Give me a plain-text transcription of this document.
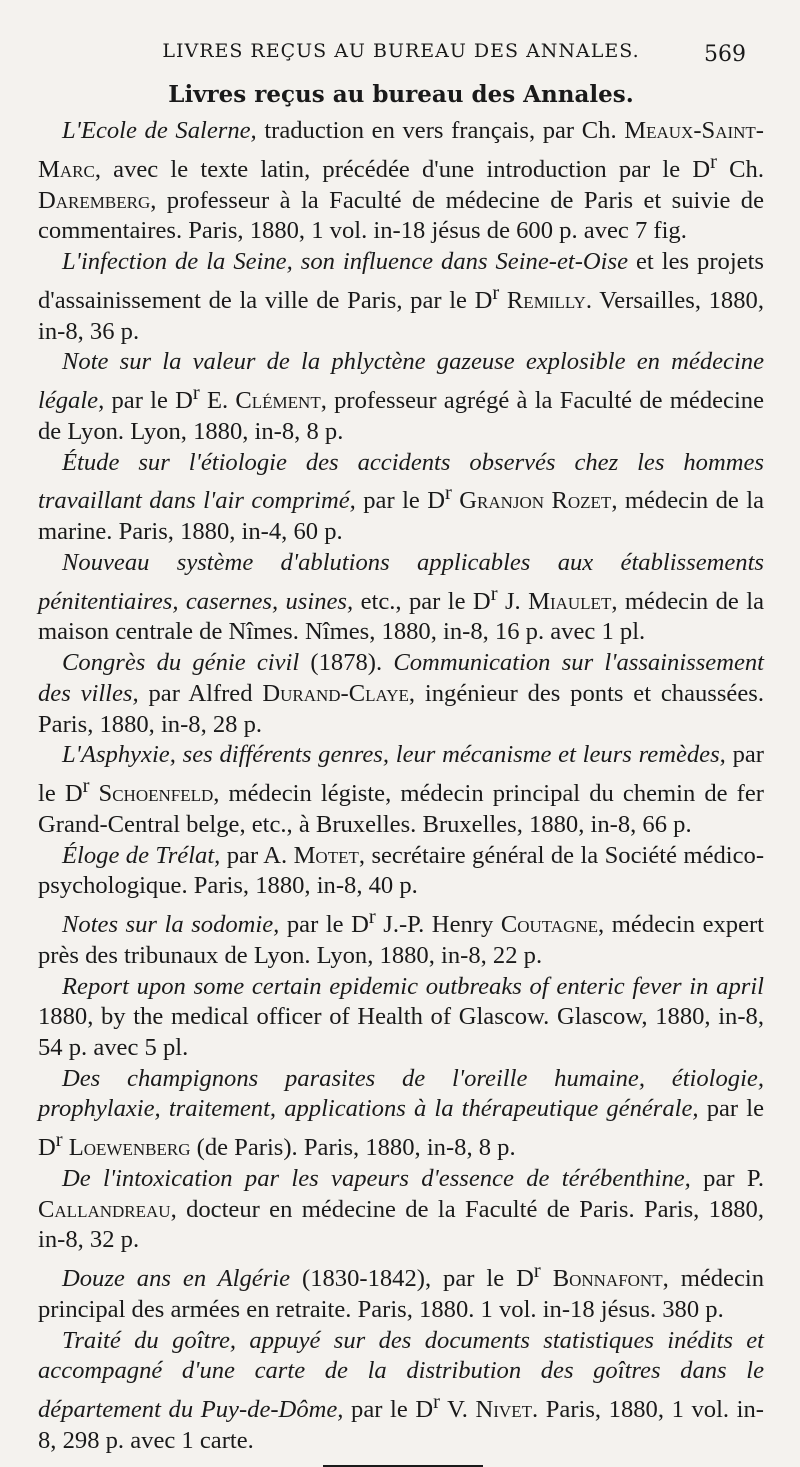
LIVRES REÇUS AU BUREAU DES ANNALES.	569
Livres reçus au bureau des Annales.

L'Ecole de Salerne, traduction en vers français, par Ch. Meaux-Saint-Marc, avec le texte latin, précédée d'une introduction par le $D^r$ Ch. Daremberg, professeur à la Faculté de médecine de Paris et suivie de commentaires. Paris, 1880, 1 vol. in-18 jésus de 600 p. avec 7 fig.

L'infection de la Seine, son influence dans Seine-et-Oise et les projets d'assainissement de la ville de Paris, par le $D^r$ Remilly. Versailles, 1880, in-8, 36 p.

Note sur la valeur de la phlyctène gazeuse explosible en médecine légale, par le $D^r$ E. Clément, professeur agrégé à la Faculté de médecine de Lyon. Lyon, 1880, in-8, 8 p.

Étude sur l'étiologie des accidents observés chez les hommes travaillant dans l'air comprimé, par le $D^r$ Granjon Rozet, médecin de la marine. Paris, 1880, in-4, 60 p.

Nouveau système d'ablutions applicables aux établissements pénitentiaires, casernes, usines, etc., par le $D^r$ J. Miaulet, médecin de la maison centrale de Nîmes. Nîmes, 1880, in-8, 16 p. avec 1 pl.

Congrès du génie civil (1878). Communication sur l'assainissement des villes, par Alfred Durand-Claye, ingénieur des ponts et chaussées. Paris, 1880, in-8, 28 p.

L'Asphyxie, ses différents genres, leur mécanisme et leurs remèdes, par le $D^r$ Schoenfeld, médecin légiste, médecin principal du chemin de fer Grand-Central belge, etc., à Bruxelles. Bruxelles, 1880, in-8, 66 p.

Éloge de Trélat, par A. Motet, secrétaire général de la Société médico-psychologique. Paris, 1880, in-8, 40 p.

Notes sur la sodomie, par le $D^r$ J.-P. Henry Coutagne, médecin expert près des tribunaux de Lyon. Lyon, 1880, in-8, 22 p.

Report upon some certain epidemic outbreaks of enteric fever in april 1880, by the medical officer of Health of Glascow. Glascow, 1880, in-8, 54 p. avec 5 pl.

Des champignons parasites de l'oreille humaine, étiologie, prophylaxie, traitement, applications à la thérapeutique générale, par le $D^r$ Loewenberg (de Paris). Paris, 1880, in-8, 8 p.

De l'intoxication par les vapeurs d'essence de térébenthine, par P. Callandreau, docteur en médecine de la Faculté de Paris. Paris, 1880, in-8, 32 p.

Douze ans en Algérie (1830-1842), par le $D^r$ Bonnafont, médecin principal des armées en retraite. Paris, 1880. 1 vol. in-18 jésus. 380 p.

Traité du goître, appuyé sur des documents statistiques inédits et accompagné d'une carte de la distribution des goîtres dans le département du Puy-de-Dôme, par le $D^r$ V. Nivet. Paris, 1880, 1 vol. in-8, 298 p. avec 1 carte.
